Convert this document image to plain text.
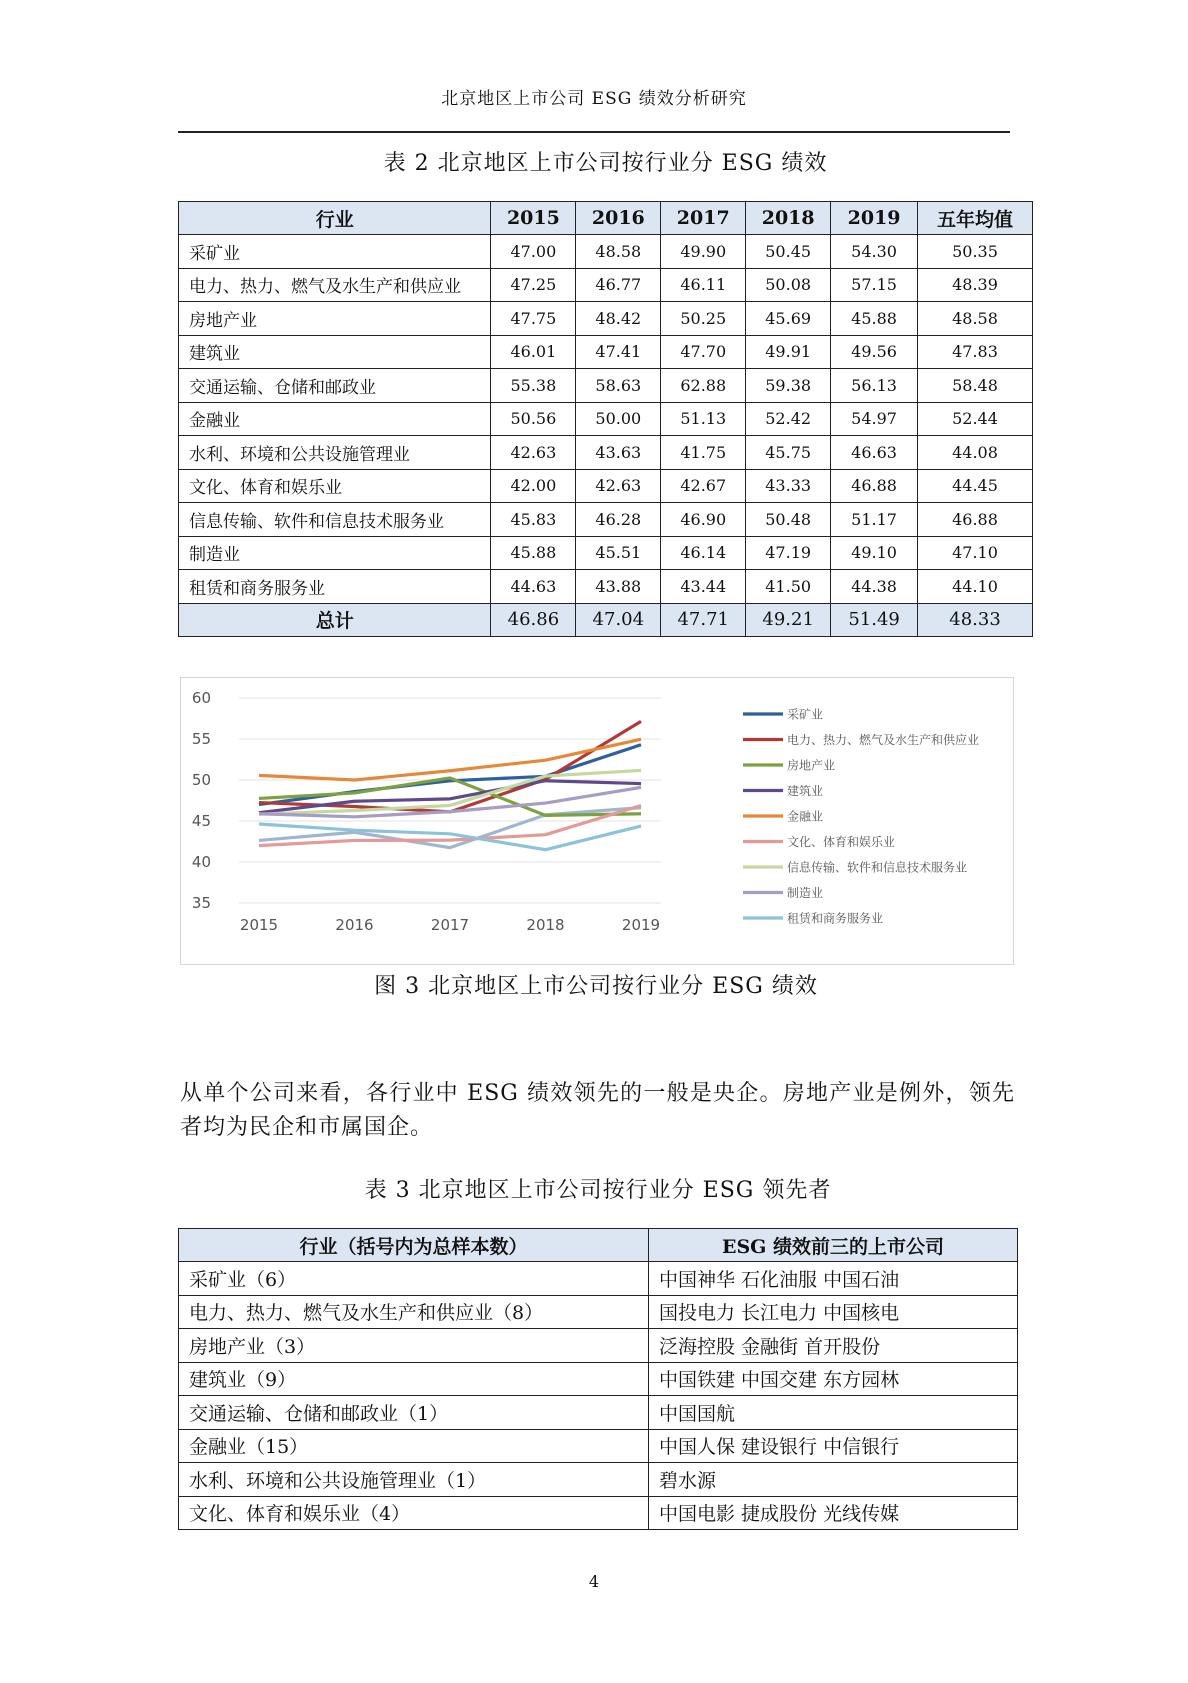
北京地区上市公司 ESG 绩效分析研究
表 2 北京地区上市公司按行业分 ESG 绩效
行业	2015	2016	2017	2018	2019	五年均值
采矿业	47.00	48.58	49.90	50.45	54.30	50.35
电力、热力、燃气及水生产和供应业	47.25	46.77	46.11	50.08	57.15	48.39
房地产业	47.75	48.42	50.25	45.69	45.88	48.58
建筑业	46.01	47.41	47.70	49.91	49.56	47.83
交通运输、仓储和邮政业	55.38	58.63	62.88	59.38	56.13	58.48
金融业	50.56	50.00	51.13	52.42	54.97	52.44
水利、环境和公共设施管理业	42.63	43.63	41.75	45.75	46.63	44.08
文化、体育和娱乐业	42.00	42.63	42.67	43.33	46.88	44.45
信息传输、软件和信息技术服务业	45.83	46.28	46.90	50.48	51.17	46.88
制造业	45.88	45.51	46.14	47.19	49.10	47.10
租赁和商务服务业	44.63	43.88	43.44	41.50	44.38	44.10
总计	46.86	47.04	47.71	49.21	51.49	48.33
35
40
45
50
55
60
2015	2016	2017	2018	2019
采矿业
电力、热力、燃气及水生产和供应业
房地产业
建筑业
金融业
文化、体育和娱乐业
信息传输、软件和信息技术服务业
制造业
租赁和商务服务业
图 3 北京地区上市公司按行业分 ESG 绩效
从单个公司来看，各行业中 ESG 绩效领先的一般是央企。房地产业是例外，领先者均为民企和市属国企。
表 3 北京地区上市公司按行业分 ESG 领先者
行业（括号内为总样本数）	ESG 绩效前三的上市公司
采矿业（6）	中国神华 石化油服 中国石油
电力、热力、燃气及水生产和供应业（8）	国投电力 长江电力 中国核电
房地产业（3）	泛海控股 金融街 首开股份
建筑业（9）	中国铁建 中国交建 东方园林
交通运输、仓储和邮政业（1）	中国国航
金融业（15）	中国人保 建设银行 中信银行
水利、环境和公共设施管理业（1）	碧水源
文化、体育和娱乐业（4）	中国电影 捷成股份 光线传媒
4
